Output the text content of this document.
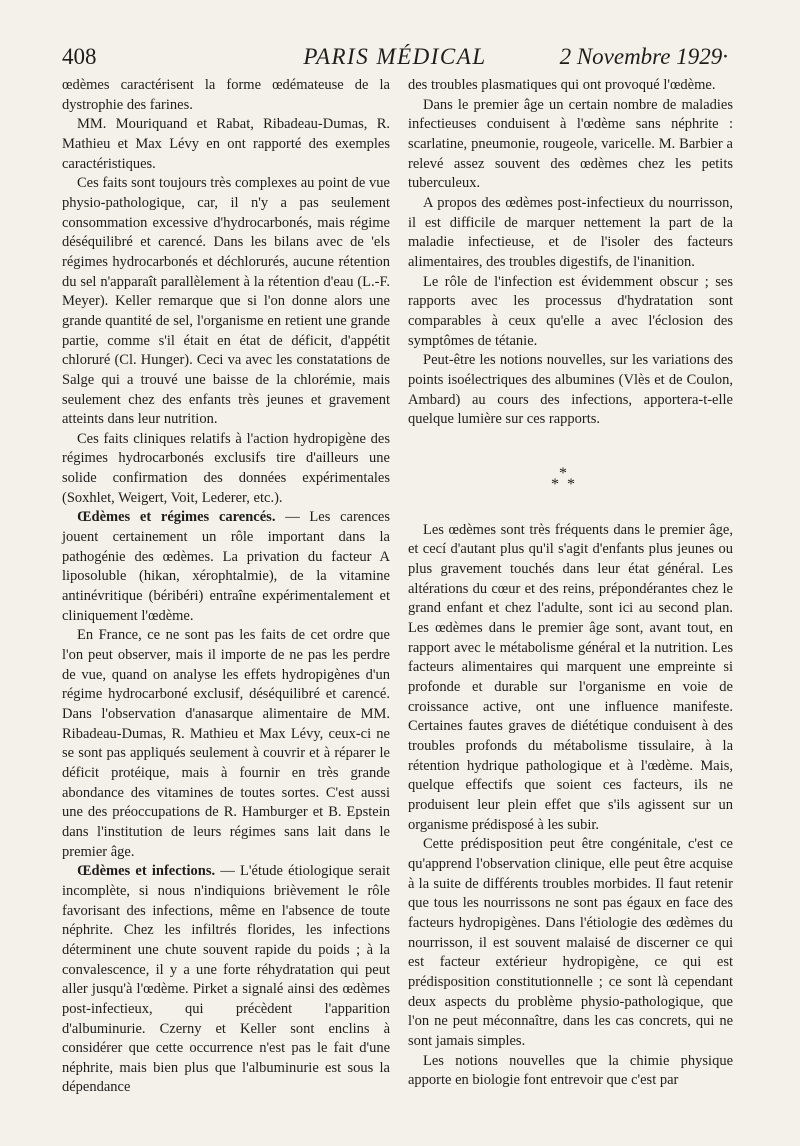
408	PARIS MÉDICAL	2 Novembre 1929·

œdèmes caractérisent la forme œdémateuse de la dystrophie des farines.

MM. Mouriquand et Rabat, Ribadeau-Dumas, R. Mathieu et Max Lévy en ont rapporté des exemples caractéristiques.

Ces faits sont toujours très complexes au point de vue physio-pathologique, car, il n'y a pas seulement consommation excessive d'hydrocarbonés, mais régime déséquilibré et carencé. Dans les bilans avec de 'els régimes hydrocarbonés et déchlorurés, aucune rétention du sel n'apparaît parallèlement à la rétention d'eau (L.-F. Meyer). Keller remarque que si l'on donne alors une grande quantité de sel, l'organisme en retient une grande partie, comme s'il était en état de déficit, d'appétit chloruré (Cl. Hunger). Ceci va avec les constatations de Salge qui a trouvé une baisse de la chlorémie, mais seulement chez des enfants très jeunes et gravement atteints dans leur nutrition.

Ces faits cliniques relatifs à l'action hydropigène des régimes hydrocarbonés exclusifs tire d'ailleurs une solide confirmation des données expérimentales (Soxhlet, Weigert, Voit, Lederer, etc.).

Œdèmes et régimes carencés. — Les carences jouent certainement un rôle important dans la pathogénie des œdèmes. La privation du facteur A liposoluble (hikan, xérophtalmie), de la vitamine antinévritique (béribéri) entraîne expérimentalement et cliniquement l'œdème.

En France, ce ne sont pas les faits de cet ordre que l'on peut observer, mais il importe de ne pas les perdre de vue, quand on analyse les effets hydropigènes d'un régime hydrocarboné exclusif, déséquilibré et carencé. Dans l'observation d'anasarque alimentaire de MM. Ribadeau-Dumas, R. Mathieu et Max Lévy, ceux-ci ne se sont pas appliqués seulement à couvrir et à réparer le déficit protéique, mais à fournir en très grande abondance des vitamines de toutes sortes. C'est aussi une des préoccupations de R. Hamburger et B. Epstein dans l'institution de leurs régimes sans lait dans le premier âge.

Œdèmes et infections. — L'étude étiologique serait incomplète, si nous n'indiquions brièvement le rôle favorisant des infections, même en l'absence de toute néphrite. Chez les infiltrés florides, les infections déterminent une chute souvent rapide du poids ; à la convalescence, il y a une forte réhydratation qui peut aller jusqu'à l'œdème. Pirket a signalé ainsi des œdèmes post-infectieux, qui précèdent l'apparition d'albuminurie. Czerny et Keller sont enclins à considérer que cette occurrence n'est pas le fait d'une néphrite, mais bien plus que l'albuminurie est sous la dépendance

des troubles plasmatiques qui ont provoqué l'œdème.

Dans le premier âge un certain nombre de maladies infectieuses conduisent à l'œdème sans néphrite : scarlatine, pneumonie, rougeole, varicelle. M. Barbier a relevé assez souvent des œdèmes chez les petits tuberculeux.

A propos des œdèmes post-infectieux du nourrisson, il est difficile de marquer nettement la part de la maladie infectieuse, et de l'isoler des facteurs alimentaires, des troubles digestifs, de l'inanition.

Le rôle de l'infection est évidemment obscur ; ses rapports avec les processus d'hydratation sont comparables à ceux qu'elle a avec l'éclosion des symptômes de tétanie.

Peut-être les notions nouvelles, sur les variations des points isoélectriques des albumines (Vlès et de Coulon, Ambard) au cours des infections, apportera-t-elle quelque lumière sur ces rapports.

*
* *

Les œdèmes sont très fréquents dans le premier âge, et cecí d'autant plus qu'il s'agit d'enfants plus jeunes ou plus gravement touchés dans leur état général. Les altérations du cœur et des reins, prépondérantes chez le grand enfant et chez l'adulte, sont ici au second plan. Les œdèmes dans le premier âge sont, avant tout, en rapport avec le métabolisme général et la nutrition. Les facteurs alimentaires qui marquent une empreinte si profonde et durable sur l'organisme en voie de croissance active, ont une influence manifeste. Certaines fautes graves de diététique conduisent à des troubles profonds du métabolisme tissulaire, à la rétention hydrique pathologique et à l'œdème. Mais, quelque effectifs que soient ces facteurs, ils ne produisent leur plein effet que s'ils agissent sur un organisme prédisposé à les subir.

Cette prédisposition peut être congénitale, c'est ce qu'apprend l'observation clinique, elle peut être acquise à la suite de différents troubles morbides. Il faut retenir que tous les nourrissons ne sont pas égaux en face des facteurs hydropigènes. Dans l'étiologie des œdèmes du nourrisson, il est souvent malaisé de discerner ce qui est facteur extérieur hydropigène, ce qui est prédisposition constitutionnelle ; ce sont là cependant deux aspects du problème physio-pathologique, que l'on ne peut méconnaître, dans les cas concrets, qui ne sont jamais simples.

Les notions nouvelles que la chimie physique apporte en biologie font entrevoir que c'est par
